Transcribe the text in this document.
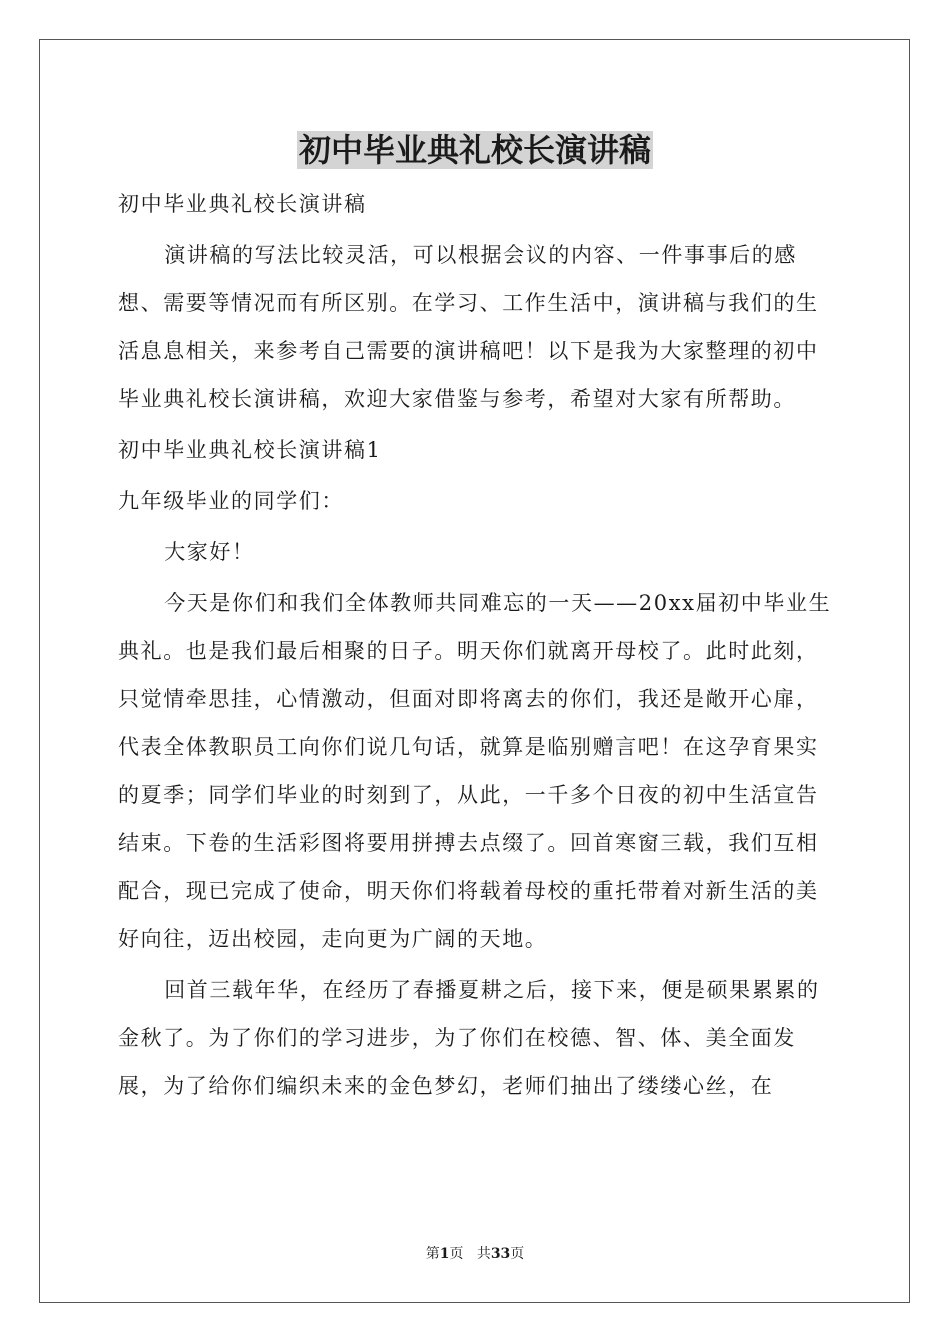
初中毕业典礼校长演讲稿

初中毕业典礼校长演讲稿

演讲稿的写法比较灵活，可以根据会议的内容、一件事事后的感想、需要等情况而有所区别。在学习、工作生活中，演讲稿与我们的生活息息相关，来参考自己需要的演讲稿吧！以下是我为大家整理的初中毕业典礼校长演讲稿，欢迎大家借鉴与参考，希望对大家有所帮助。

初中毕业典礼校长演讲稿1

九年级毕业的同学们：

大家好！

今天是你们和我们全体教师共同难忘的一天——20xx届初中毕业生典礼。也是我们最后相聚的日子。明天你们就离开母校了。此时此刻，只觉情牵思挂，心情激动，但面对即将离去的你们，我还是敞开心扉，代表全体教职员工向你们说几句话，就算是临别赠言吧！在这孕育果实的夏季；同学们毕业的时刻到了，从此，一千多个日夜的初中生活宣告结束。下卷的生活彩图将要用拼搏去点缀了。回首寒窗三载，我们互相配合，现已完成了使命，明天你们将载着母校的重托带着对新生活的美好向往，迈出校园，走向更为广阔的天地。

回首三载年华，在经历了春播夏耕之后，接下来，便是硕果累累的金秋了。为了你们的学习进步，为了你们在校德、智、体、美全面发展，为了给你们编织未来的金色梦幻，老师们抽出了缕缕心丝，在

第1页 共33页
